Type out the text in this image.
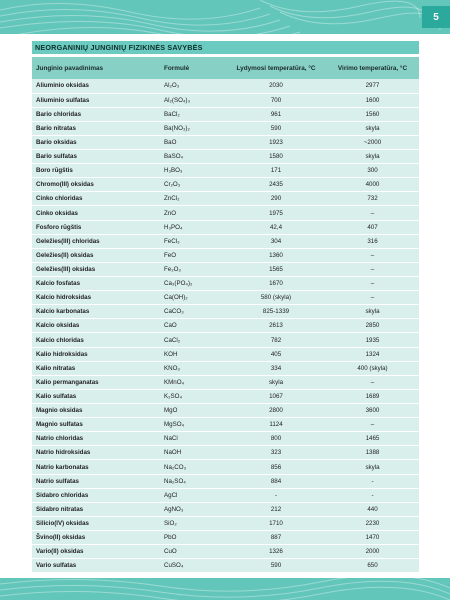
5
NEORGANINIŲ JUNGINIŲ FIZIKINĖS SAVYBĖS
Junginio pavadinimas	Formulė	Lydymosi temperatūra, °C	Virimo temperatūra, °C
Aliuminio oksidas	Al₂O₃	2030	2977
Aliuminio sulfatas	Al₂(SO₄)₃	700	1600
Bario chloridas	BaCl₂	961	1560
Bario nitratas	Ba(NO₃)₂	590	skyla
Bario oksidas	BaO	1923	~2000
Bario sulfatas	BaSO₄	1580	skyla
Boro rūgštis	H₃BO₃	171	300
Chromo(III) oksidas	Cr₂O₃	2435	4000
Cinko chloridas	ZnCl₂	290	732
Cinko oksidas	ZnO	1975	–
Fosforo rūgštis	H₃PO₄	42,4	407
Geležies(III) chloridas	FeCl₃	304	316
Geležies(II) oksidas	FeO	1360	–
Geležies(III) oksidas	Fe₂O₃	1565	–
Kalcio fosfatas	Ca₃(PO₄)₂	1670	–
Kalcio hidroksidas	Ca(OH)₂	580 (skyla)	–
Kalcio karbonatas	CaCO₃	825-1339	skyla
Kalcio oksidas	CaO	2613	2850
Kalcio chloridas	CaCl₂	782	1935
Kalio hidroksidas	KOH	405	1324
Kalio nitratas	KNO₃	334	400 (skyla)
Kalio permanganatas	KMnO₄	skyla	–
Kalio sulfatas	K₂SO₄	1067	1689
Magnio oksidas	MgO	2800	3600
Magnio sulfatas	MgSO₄	1124	–
Natrio chloridas	NaCl	800	1465
Natrio hidroksidas	NaOH	323	1388
Natrio karbonatas	Na₂CO₃	856	skyla
Natrio sulfatas	Na₂SO₄	884	-
Sidabro chloridas	AgCl	-	-
Sidabro nitratas	AgNO₃	212	440
Silicio(IV) oksidas	SiO₂	1710	2230
Švino(II) oksidas	PbO	887	1470
Vario(II) oksidas	CuO	1326	2000
Vario sulfatas	CuSO₄	590	650
